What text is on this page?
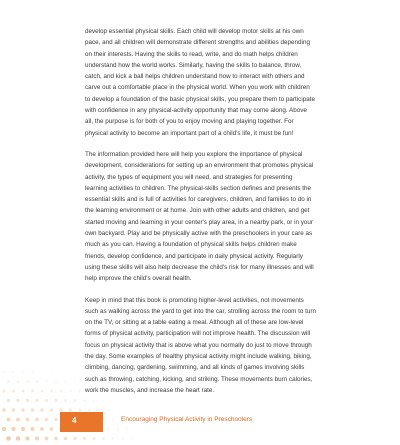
develop essential physical skills. Each child will develop motor skills at his own pace, and all children will demonstrate different strengths and abilities depending on their interests. Having the skills to read, write, and do math helps children understand how the world works. Similarly, having the skills to balance, throw, catch, and kick a ball helps children understand how to interact with others and carve out a comfortable place in the physical world. When you work with children to develop a foundation of the basic physical skills, you prepare them to participate with confidence in any physical-activity opportunity that may come along. Above all, the purpose is for both of you to enjoy moving and playing together. For physical activity to become an important part of a child's life, it must be fun!

The information provided here will help you explore the importance of physical development, considerations for setting up an environment that promotes physical activity, the types of equipment you will need, and strategies for presenting learning activities to children. The physical-skills section defines and presents the essential skills and is full of activities for caregivers, children, and families to do in the learning environment or at home. Join with other adults and children, and get started moving and learning in your center's play area, in a nearby park, or in your own backyard. Play and be physically active with the preschoolers in your care as much as you can. Having a foundation of physical skills helps children make friends, develop confidence, and participate in daily physical activity. Regularly using these skills will also help decrease the child's risk for many illnesses and will help improve the child's overall health.

Keep in mind that this book is promoting higher-level activities, not movements such as walking across the yard to get into the car, strolling across the room to turn on the TV, or sitting at a table eating a meal. Although all of these are low-level forms of physical activity, participation will not improve health. The discussion will focus on physical activity that is above what you normally do just to move through the day. Some examples of healthy physical activity might include walking, biking, climbing, dancing, gardening, swimming, and all kinds of games involving skills such as throwing, catching, kicking, and striking. These movements burn calories, work the muscles, and increase the heart rate.

4	Encouraging Physical Activity in Preschoolers
